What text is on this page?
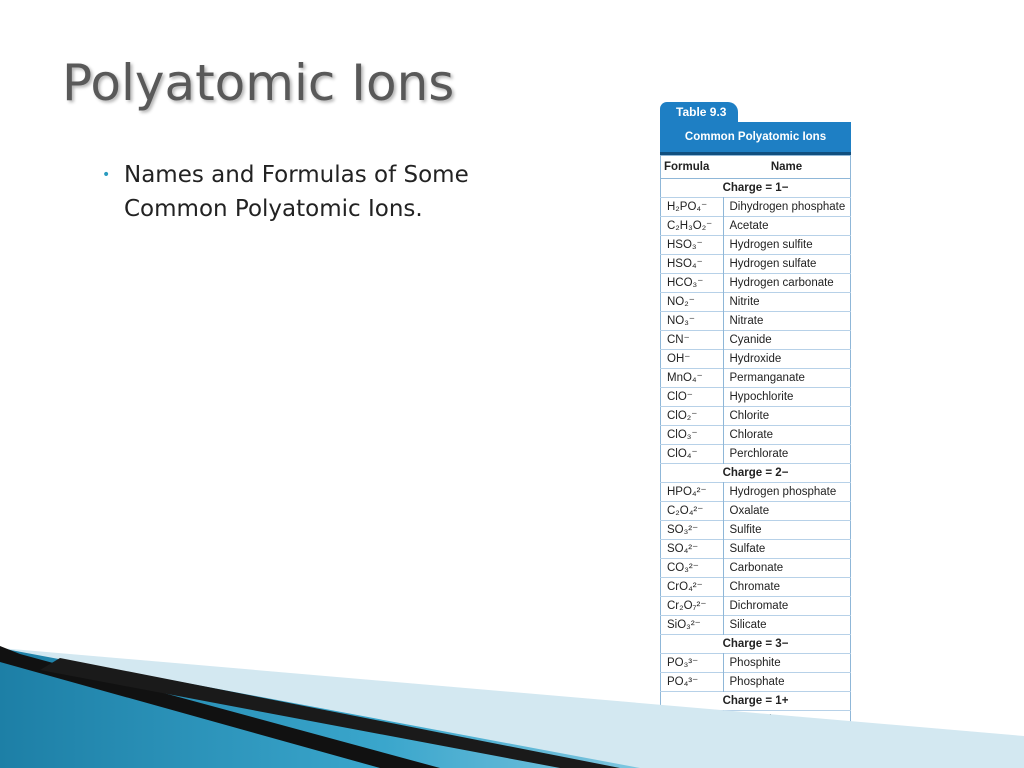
Polyatomic Ions
• Names and Formulas of Some Common Polyatomic Ions.
Table 9.3
Common Polyatomic Ions
Formula	Name
Charge = 1−	
H₂PO₄⁻	Dihydrogen phosphate
C₂H₃O₂⁻	Acetate
HSO₃⁻	Hydrogen sulfite
HSO₄⁻	Hydrogen sulfate
HCO₃⁻	Hydrogen carbonate
NO₂⁻	Nitrite
NO₃⁻	Nitrate
CN⁻	Cyanide
OH⁻	Hydroxide
MnO₄⁻	Permanganate
ClO⁻	Hypochlorite
ClO₂⁻	Chlorite
ClO₃⁻	Chlorate
ClO₄⁻	Perchlorate
Charge = 2−	
HPO₄²⁻	Hydrogen phosphate
C₂O₄²⁻	Oxalate
SO₃²⁻	Sulfite
SO₄²⁻	Sulfate
CO₃²⁻	Carbonate
CrO₄²⁻	Chromate
Cr₂O₇²⁻	Dichromate
SiO₃²⁻	Silicate
Charge = 3−	
PO₃³⁻	Phosphite
PO₄³⁻	Phosphate
Charge = 1+	
